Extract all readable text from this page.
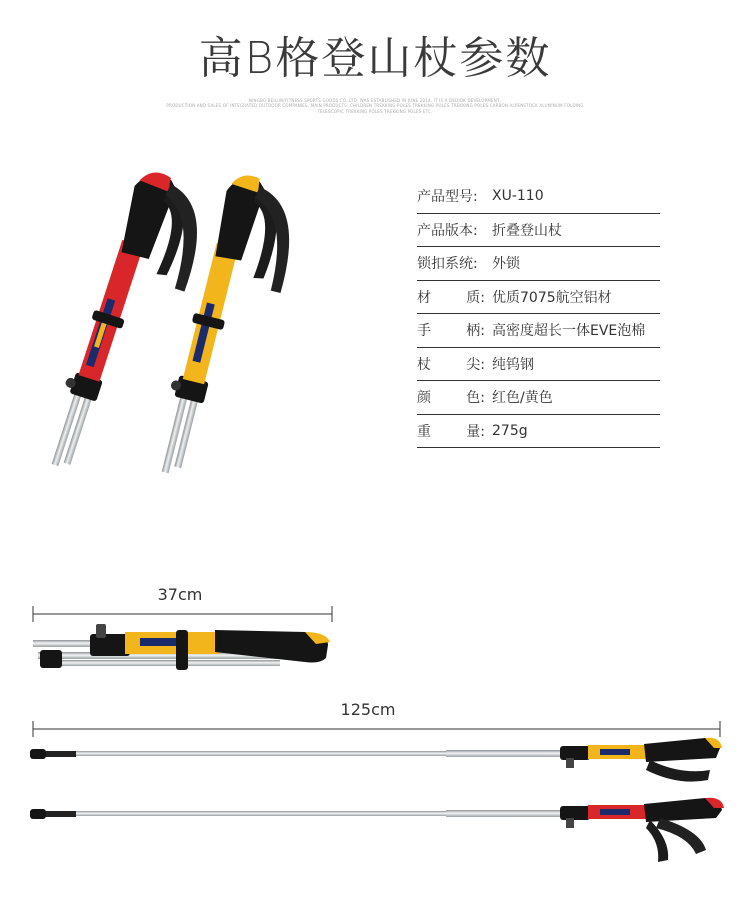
高B格登山杖参数
NINGBO BEILUN/FITNESS SPORTS GOODS CO.,LTD, WAS ESTABLISHED IN JUNE 2014, IT IS A DEDIOK DEVELOPMENT,
PRODUCTION AND SALES OF INTEGRATED OUTDOOR COMPANIES, MAIN PRODUCTS: CHILDREN TREKKING POLES TREKKING POLES TREKKING POLES CARBON ALPENSTOCK ALUMINUM FOLDING
TELESCOPIC TREKKING POLES TREKKING POLES ETC.
产品型号:	XU-110
产品版本:	折叠登山杖
锁扣系统:	外锁
材	质: 优质7075航空铝材
手	柄: 高密度超长一体EVE泡棉
杖	尖: 纯钨钢
颜	色: 红色/黄色
重	量: 275g
37cm
125cm
